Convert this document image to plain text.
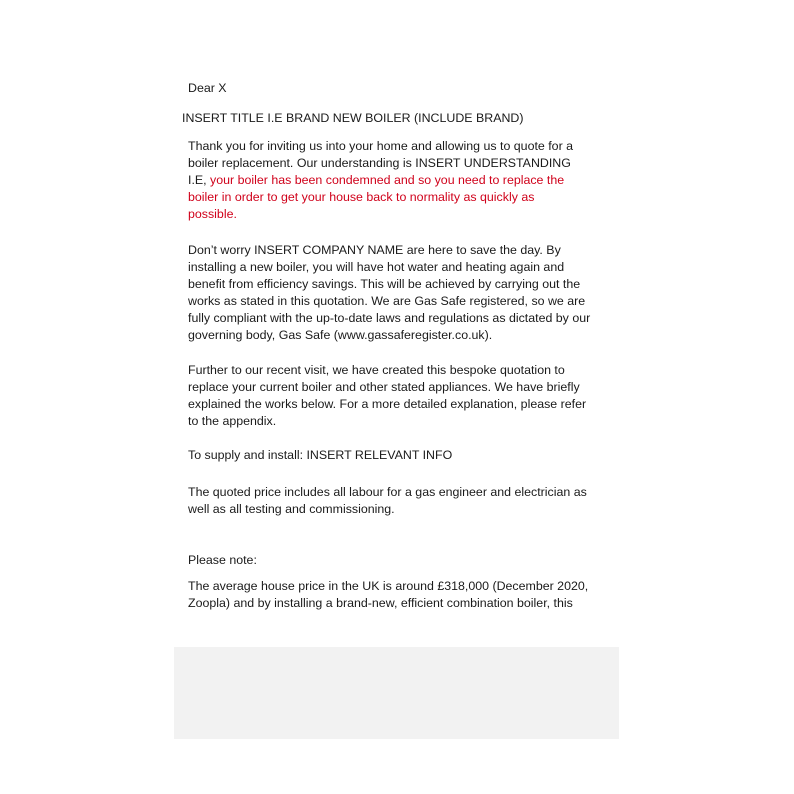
Dear X
INSERT TITLE I.E BRAND NEW BOILER (INCLUDE BRAND)
Thank you for inviting us into your home and allowing us to quote for a
boiler replacement. Our understanding is INSERT UNDERSTANDING
I.E, your boiler has been condemned and so you need to replace the
boiler in order to get your house back to normality as quickly as
possible.
Don’t worry INSERT COMPANY NAME are here to save the day. By
installing a new boiler, you will have hot water and heating again and
benefit from efficiency savings. This will be achieved by carrying out the
works as stated in this quotation. We are Gas Safe registered, so we are
fully compliant with the up-to-date laws and regulations as dictated by our
governing body, Gas Safe (www.gassaferegister.co.uk).
Further to our recent visit, we have created this bespoke quotation to
replace your current boiler and other stated appliances. We have briefly
explained the works below. For a more detailed explanation, please refer
to the appendix.
To supply and install: INSERT RELEVANT INFO
The quoted price includes all labour for a gas engineer and electrician as
well as all testing and commissioning.
Please note:
The average house price in the UK is around £318,000 (December 2020,
Zoopla) and by installing a brand-new, efficient combination boiler, this
